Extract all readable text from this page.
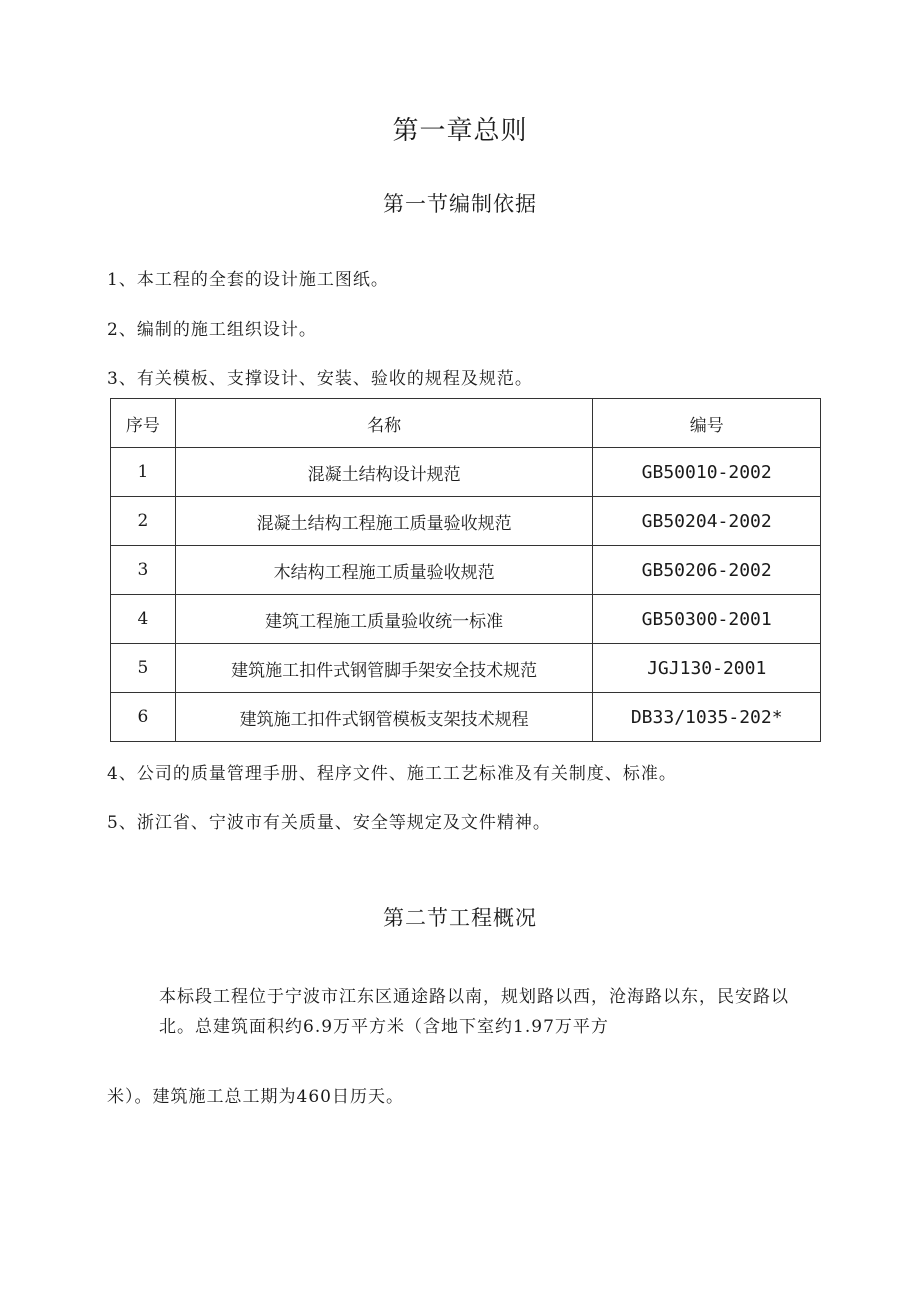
第一章总则
第一节编制依据
1、本工程的全套的设计施工图纸。
2、编制的施工组织设计。
3、有关模板、支撑设计、安装、验收的规程及规范。
序号	名称	编号
1	混凝土结构设计规范	GB50010-2002
2	混凝土结构工程施工质量验收规范	GB50204-2002
3	木结构工程施工质量验收规范	GB50206-2002
4	建筑工程施工质量验收统一标准	GB50300-2001
5	建筑施工扣件式钢管脚手架安全技术规范	JGJ130-2001
6	建筑施工扣件式钢管模板支架技术规程	DB33/1035-202*
4、公司的质量管理手册、程序文件、施工工艺标准及有关制度、标准。
5、浙江省、宁波市有关质量、安全等规定及文件精神。
第二节工程概况
本标段工程位于宁波市江东区通途路以南，规划路以西，沧海路以东，民安路以北。总建筑面积约6.9万平方米（含地下室约1.97万平方
米）。建筑施工总工期为460日历天。
